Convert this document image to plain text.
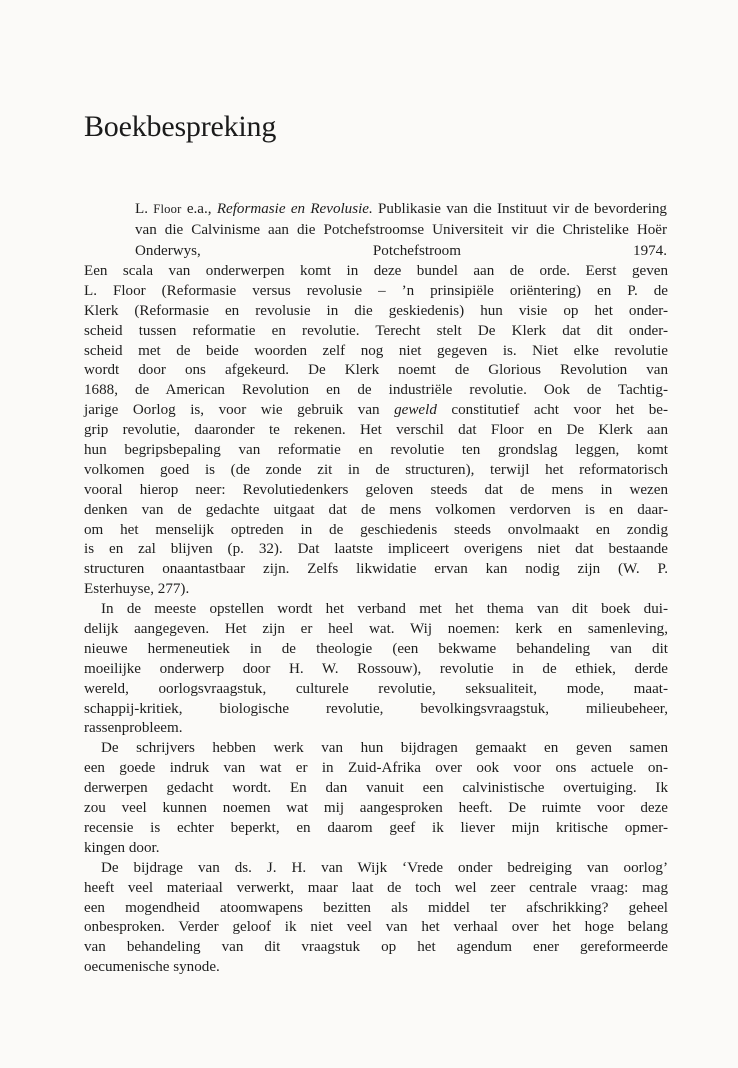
Boekbespreking

L. Floor e.a., Reformasie en Revolusie. Publikasie van die Instituut vir de bevordering van die Calvinisme aan die Potchefstroomse Universiteit vir die Christelike Hoër Onderwys, Potchefstroom 1974.

Een scala van onderwerpen komt in deze bundel aan de orde. Eerst geven
L. Floor (Reformasie versus revolusie – ’n prinsipiële oriëntering) en P. de
Klerk (Reformasie en revolusie in die geskiedenis) hun visie op het onder-
scheid tussen reformatie en revolutie. Terecht stelt De Klerk dat dit onder-
scheid met de beide woorden zelf nog niet gegeven is. Niet elke revolutie
wordt door ons afgekeurd. De Klerk noemt de Glorious Revolution van
1688, de American Revolution en de industriële revolutie. Ook de Tachtig-
jarige Oorlog is, voor wie gebruik van geweld constitutief acht voor het be-
grip revolutie, daaronder te rekenen. Het verschil dat Floor en De Klerk aan
hun begripsbepaling van reformatie en revolutie ten grondslag leggen, komt
volkomen goed is (de zonde zit in de structuren), terwijl het reformatorisch
vooral hierop neer: Revolutiedenkers geloven steeds dat de mens in wezen
denken van de gedachte uitgaat dat de mens volkomen verdorven is en daar-
om het menselijk optreden in de geschiedenis steeds onvolmaakt en zondig
is en zal blijven (p. 32). Dat laatste impliceert overigens niet dat bestaande
structuren onaantastbaar zijn. Zelfs likwidatie ervan kan nodig zijn (W. P.
Esterhuyse, 277).
In de meeste opstellen wordt het verband met het thema van dit boek dui-
delijk aangegeven. Het zijn er heel wat. Wij noemen: kerk en samenleving,
nieuwe hermeneutiek in de theologie (een bekwame behandeling van dit
moeilijke onderwerp door H. W. Rossouw), revolutie in de ethiek, derde
wereld, oorlogsvraagstuk, culturele revolutie, seksualiteit, mode, maat-
schappij-kritiek, biologische revolutie, bevolkingsvraagstuk, milieubeheer,
rassenprobleem.
De schrijvers hebben werk van hun bijdragen gemaakt en geven samen
een goede indruk van wat er in Zuid-Afrika over ook voor ons actuele on-
derwerpen gedacht wordt. En dan vanuit een calvinistische overtuiging. Ik
zou veel kunnen noemen wat mij aangesproken heeft. De ruimte voor deze
recensie is echter beperkt, en daarom geef ik liever mijn kritische opmer-
kingen door.
De bijdrage van ds. J. H. van Wijk ‘Vrede onder bedreiging van oorlog’
heeft veel materiaal verwerkt, maar laat de toch wel zeer centrale vraag: mag
een mogendheid atoomwapens bezitten als middel ter afschrikking? geheel
onbesproken. Verder geloof ik niet veel van het verhaal over het hoge belang
van behandeling van dit vraagstuk op het agendum ener gereformeerde
oecumenische synode.
